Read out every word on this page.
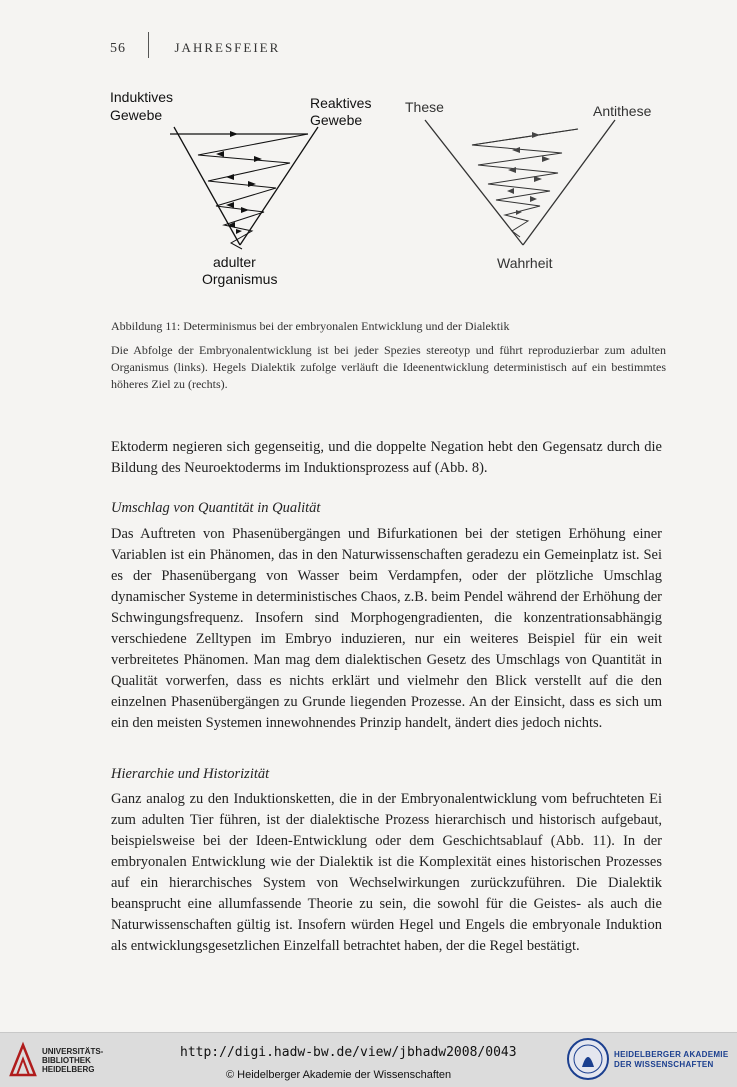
56	JAHRESFEIER
Induktives
Gewebe
Reaktives
Gewebe
adulter
Organismus
These	Antithese
Wahrheit
Abbildung 11: Determinismus bei der embryonalen Entwicklung und der Dialektik
Die Abfolge der Embryonalentwicklung ist bei jeder Spezies stereotyp und führt reproduzierbar zum adulten Organismus (links). Hegels Dialektik zufolge verläuft die Ideenentwicklung deterministisch auf ein bestimmtes höheres Ziel zu (rechts).
Ektoderm negieren sich gegenseitig, und die doppelte Negation hebt den Gegensatz durch die Bildung des Neuroektoderms im Induktionsprozess auf (Abb. 8).
Umschlag von Quantität in Qualität
Das Auftreten von Phasenübergängen und Bifurkationen bei der stetigen Erhöhung einer Variablen ist ein Phänomen, das in den Naturwissenschaften geradezu ein Gemeinplatz ist. Sei es der Phasenübergang von Wasser beim Verdampfen, oder der plötzliche Umschlag dynamischer Systeme in deterministisches Chaos, z.B. beim Pendel während der Erhöhung der Schwingungsfrequenz. Insofern sind Morphogengradienten, die konzentrationsabhängig verschiedene Zelltypen im Embryo induzieren, nur ein weiteres Beispiel für ein weit verbreitetes Phänomen. Man mag dem dialektischen Gesetz des Umschlags von Quantität in Qualität vorwerfen, dass es nichts erklärt und vielmehr den Blick verstellt auf die den einzelnen Phasenübergängen zu Grunde liegenden Prozesse. An der Einsicht, dass es sich um ein den meisten Systemen innewohnendes Prinzip handelt, ändert dies jedoch nichts.
Hierarchie und Historizität
Ganz analog zu den Induktionsketten, die in der Embryonalentwicklung vom befruchteten Ei zum adulten Tier führen, ist der dialektische Prozess hierarchisch und historisch aufgebaut, beispielsweise bei der Ideen-Entwicklung oder dem Geschichtsablauf (Abb. 11). In der embryonalen Entwicklung wie der Dialektik ist die Komplexität eines historischen Prozesses auf ein hierarchisches System von Wechselwirkungen zurückzuführen. Die Dialektik beansprucht eine allumfassende Theorie zu sein, die sowohl für die Geistes- als auch die Naturwissenschaften gültig ist. Insofern würden Hegel und Engels die embryonale Induktion als entwicklungsgesetzlichen Einzelfall betrachtet haben, der die Regel bestätigt.
UNIVERSITÄTS-
BIBLIOTHEK
HEIDELBERG
http://digi.hadw-bw.de/view/jbhadw2008/0043
© Heidelberger Akademie der Wissenschaften
HEIDELBERGER AKADEMIE
DER WISSENSCHAFTEN
